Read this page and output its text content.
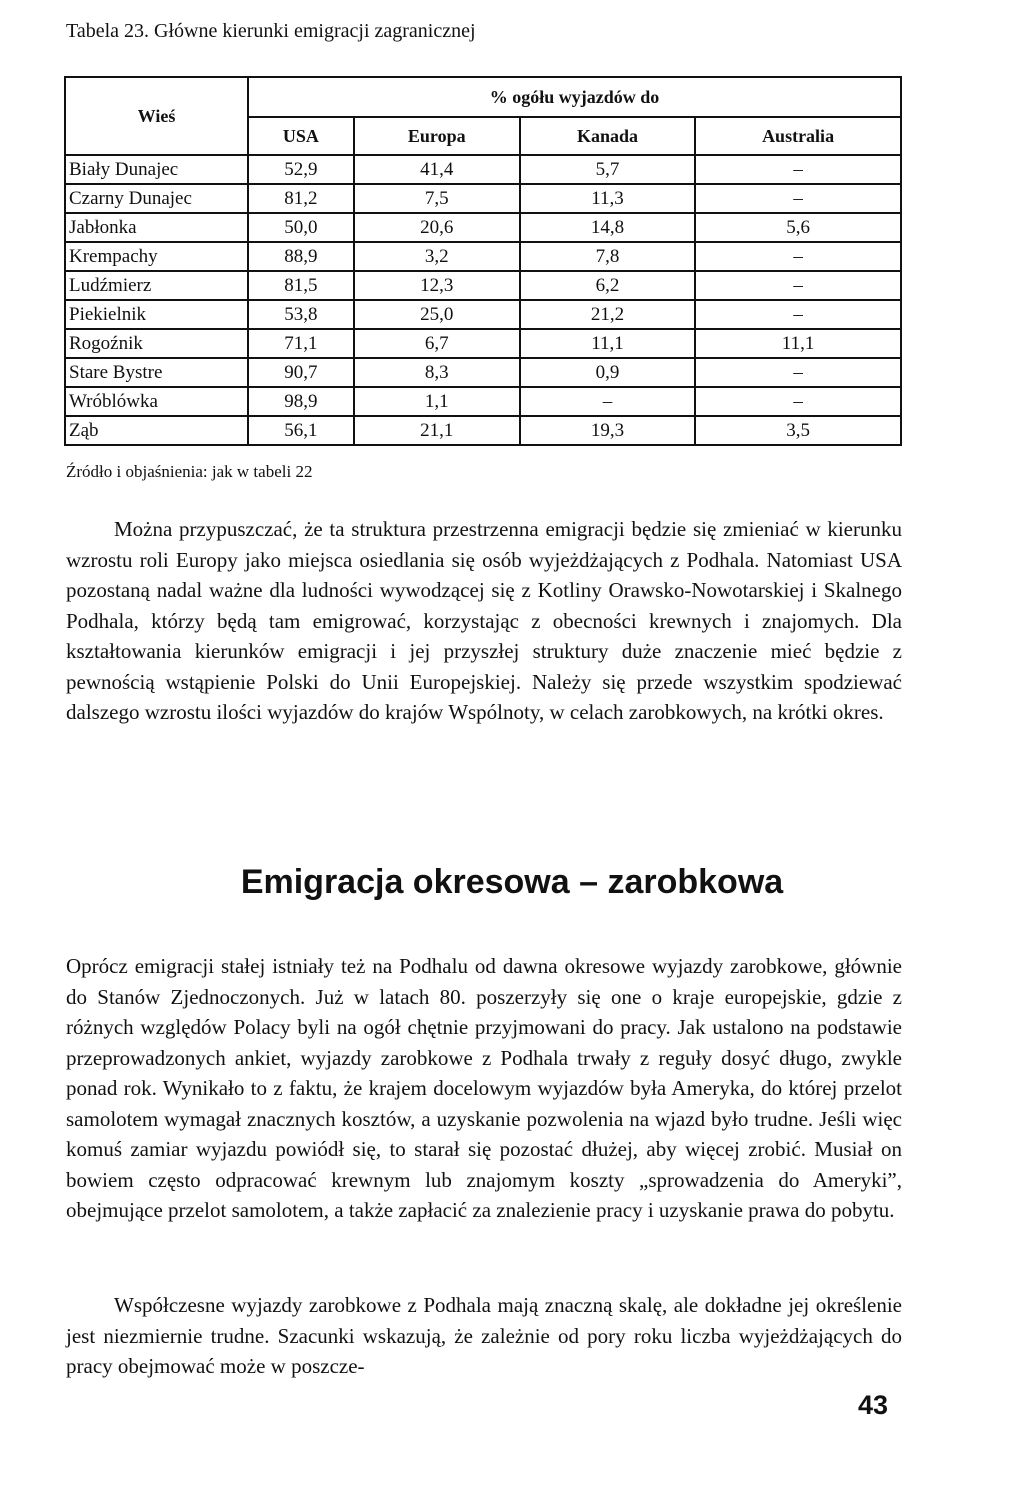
Tabela 23. Główne kierunki emigracji zagranicznej
Wieś	% ogółu wyjazdów do			
	USA	Europa	Kanada	Australia
Biały Dunajec	52,9	41,4	5,7	–
Czarny Dunajec	81,2	7,5	11,3	–
Jabłonka	50,0	20,6	14,8	5,6
Krempachy	88,9	3,2	7,8	–
Ludźmierz	81,5	12,3	6,2	–
Piekielnik	53,8	25,0	21,2	–
Rogoźnik	71,1	6,7	11,1	11,1
Stare Bystre	90,7	8,3	0,9	–
Wróblówka	98,9	1,1	–	–
Ząb	56,1	21,1	19,3	3,5
Źródło i objaśnienia: jak w tabeli 22

Można przypuszczać, że ta struktura przestrzenna emigracji będzie się zmieniać w kierunku wzrostu roli Europy jako miejsca osiedlania się osób wyjeżdżających z Podhala. Natomiast USA pozostaną nadal ważne dla ludności wywodzącej się z Kotliny Orawsko-Nowotarskiej i Skalnego Podhala, którzy będą tam emigrować, korzystając z obecności krewnych i znajomych. Dla kształtowania kierunków emigracji i jej przyszłej struktury duże znaczenie mieć będzie z pewnością wstąpienie Polski do Unii Europejskiej. Należy się przede wszystkim spodziewać dalszego wzrostu ilości wyjazdów do krajów Wspólnoty, w celach zarobkowych, na krótki okres.

Emigracja okresowa – zarobkowa

Oprócz emigracji stałej istniały też na Podhalu od dawna okresowe wyjazdy zarobkowe, głównie do Stanów Zjednoczonych. Już w latach 80. poszerzyły się one o kraje europejskie, gdzie z różnych względów Polacy byli na ogół chętnie przyjmowani do pracy. Jak ustalono na podstawie przeprowadzonych ankiet, wyjazdy zarobkowe z Podhala trwały z reguły dosyć długo, zwykle ponad rok. Wynikało to z faktu, że krajem docelowym wyjazdów była Ameryka, do której przelot samolotem wymagał znacznych kosztów, a uzyskanie pozwolenia na wjazd było trudne. Jeśli więc komuś zamiar wyjazdu powiódł się, to starał się pozostać dłużej, aby więcej zrobić. Musiał on bowiem często odpracować krewnym lub znajomym koszty „sprowadzenia do Ameryki”, obejmujące przelot samolotem, a także zapłacić za znalezienie pracy i uzyskanie prawa do pobytu.

Współczesne wyjazdy zarobkowe z Podhala mają znaczną skalę, ale dokładne jej określenie jest niezmiernie trudne. Szacunki wskazują, że zależnie od pory roku liczba wyjeżdżających do pracy obejmować może w poszcze-

43
